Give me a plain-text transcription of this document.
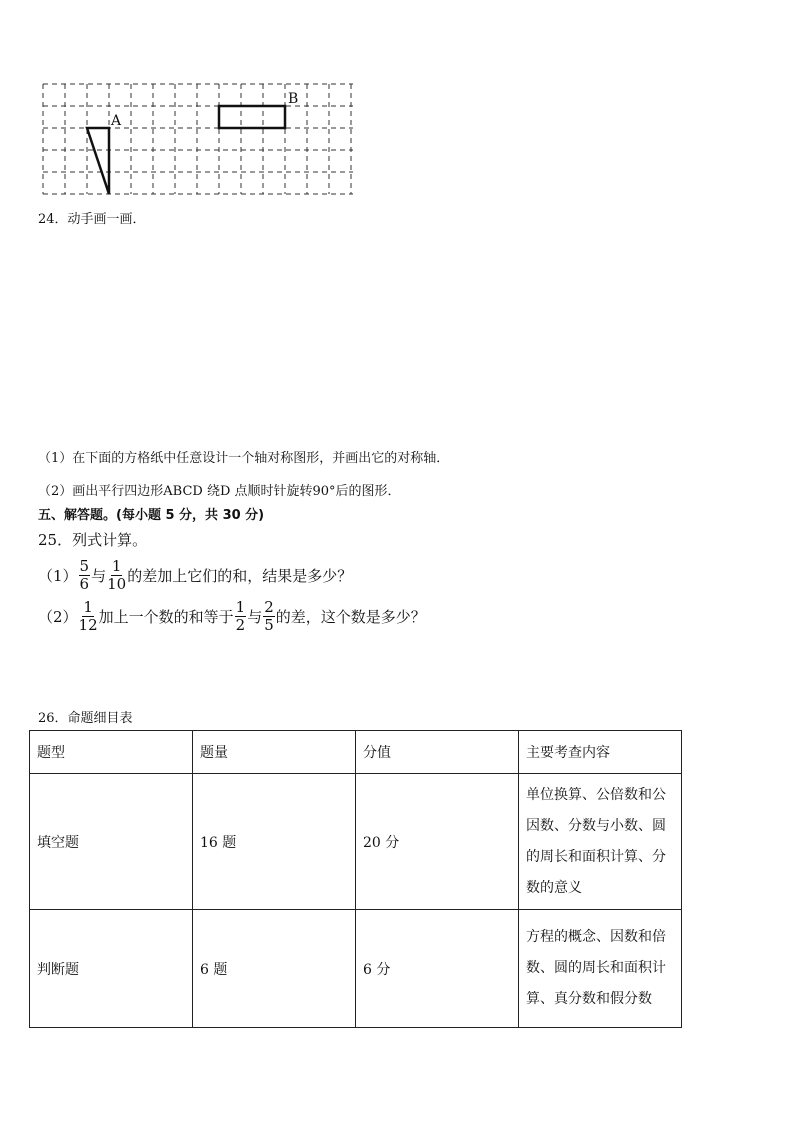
A
B
24．动手画一画．
（1）在下面的方格纸中任意设计一个轴对称图形，并画出它的对称轴．
（2）画出平行四边形ABCD 绕D 点顺时针旋转90°后的图形．
五、解答题。(每小题 5 分，共 30 分)
25．列式计算。
$(1) \frac{5}{6}$ 与 $\frac{1}{10}$ 的差加上它们的和，结果是多少？
$(2) \frac{1}{12}$ 加上一个数的和等于 $\frac{1}{2}$ 与 $\frac{2}{5}$ 的差，这个数是多少？
26．命题细目表
题型	题量	分值	主要考查内容
填空题	16 题	20 分	单位换算、公倍数和公因数、分数与小数、圆的周长和面积计算、分数的意义
判断题	6 题	6 分	方程的概念、因数和倍数、圆的周长和面积计算、真分数和假分数
